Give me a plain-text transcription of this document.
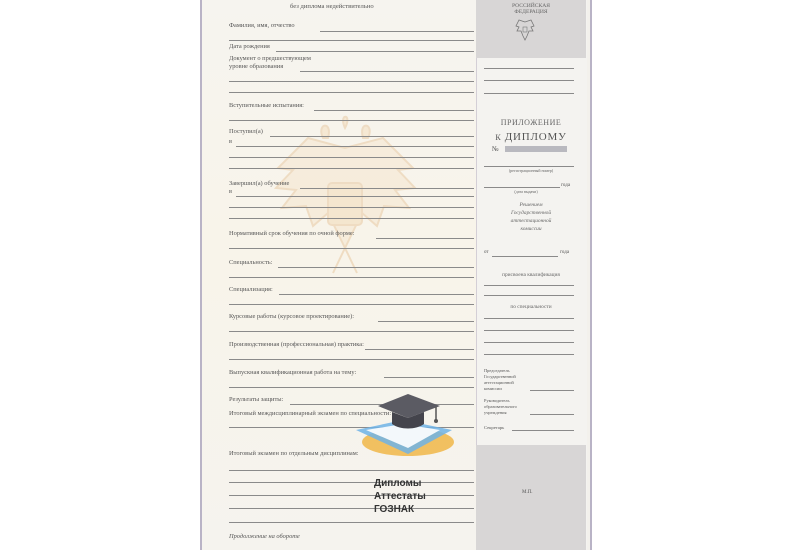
без диплома недействительно
Фамилия, имя, отчество
Дата рождения
Документ о предшествующем
уровне образования
Вступительные испытания:
Поступил(а)
в
Завершил(а) обучение
в
Нормативный срок обучения по очной форме:
Специальность:
Специализация:
Курсовые работы (курсовое проектирование):
Производственная (профессиональная) практика:
Выпускная квалификационная работа на тему:
Результаты защиты:
Итоговый междисциплинарный экзамен по специальности:
Итоговый экзамен по отдельным дисциплинам:
Продолжение на обороте
РОССИЙСКАЯ
ФЕДЕРАЦИЯ
ПРИЛОЖЕНИЕ
К ДИПЛОМУ
№
(регистрационный номер)
(дата выдачи)
года
Решением
Государственной
аттестационной
комиссии
от	года
присвоена квалификация
по специальности
Председатель
Государственной
аттестационной
комиссии
Руководитель
образовательного
учреждения
Секретарь
М.П.
Дипломы
Аттестаты
ГОЗНАК
